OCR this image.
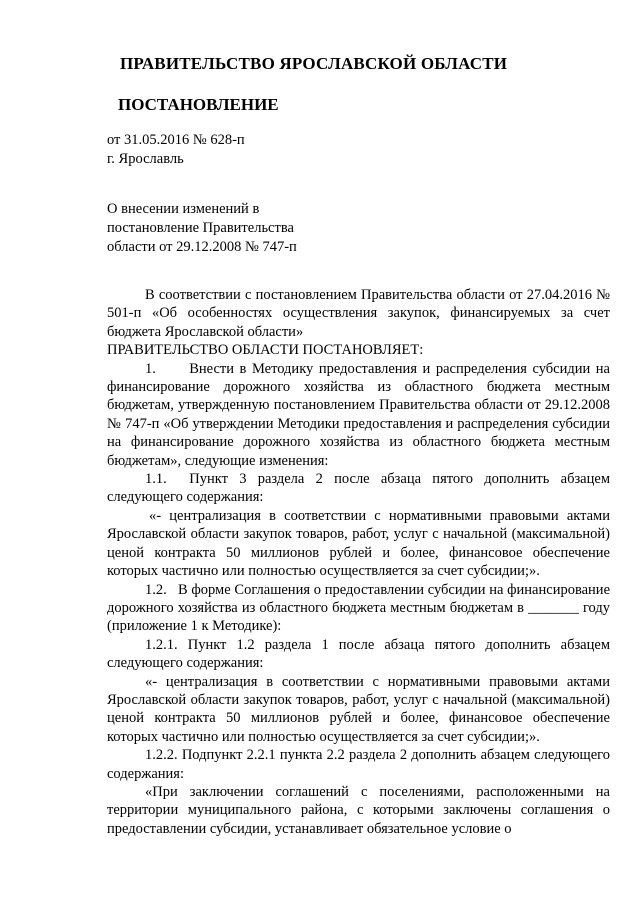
ПРАВИТЕЛЬСТВО ЯРОСЛАВСКОЙ ОБЛАСТИ
ПОСТАНОВЛЕНИЕ
от 31.05.2016 № 628-п
г. Ярославль
О внесении изменений в
постановление Правительства
области от 29.12.2008 № 747-п

В соответствии с постановлением Правительства области от 27.04.2016 № 501-п «Об особенностях осуществления закупок, финансируемых за счет бюджета Ярославской области»

ПРАВИТЕЛЬСТВО ОБЛАСТИ ПОСТАНОВЛЯЕТ:

1.      Внести в Методику предоставления и распределения субсидии на финансирование дорожного хозяйства из областного бюджета местным бюджетам, утвержденную постановлением Правительства области от 29.12.2008 № 747-п «Об утверждении Методики предоставления и распределения субсидии на финансирование дорожного хозяйства из областного бюджета местным бюджетам», следующие изменения:

1.1.  Пункт 3 раздела 2 после абзаца пятого дополнить абзацем следующего содержания:

«- централизация в соответствии с нормативными правовыми актами Ярославской области закупок товаров, работ, услуг с начальной (максимальной) ценой контракта 50 миллионов рублей и более, финансовое обеспечение которых частично или полностью осуществляется за счет субсидии;».

1.2.   В форме Соглашения о предоставлении субсидии на финансирование дорожного хозяйства из областного бюджета местным бюджетам в _______ году (приложение 1 к Методике):

1.2.1. Пункт 1.2 раздела 1 после абзаца пятого дополнить абзацем следующего содержания:

«- централизация в соответствии с нормативными правовыми актами Ярославской области закупок товаров, работ, услуг с начальной (максимальной) ценой контракта 50 миллионов рублей и более, финансовое обеспечение которых частично или полностью осуществляется за счет субсидии;».

1.2.2. Подпункт 2.2.1 пункта 2.2 раздела 2 дополнить абзацем следующего содержания:

«При заключении соглашений с поселениями, расположенными на территории муниципального района, с которыми заключены соглашения о предоставлении субсидии, устанавливает обязательное условие о
